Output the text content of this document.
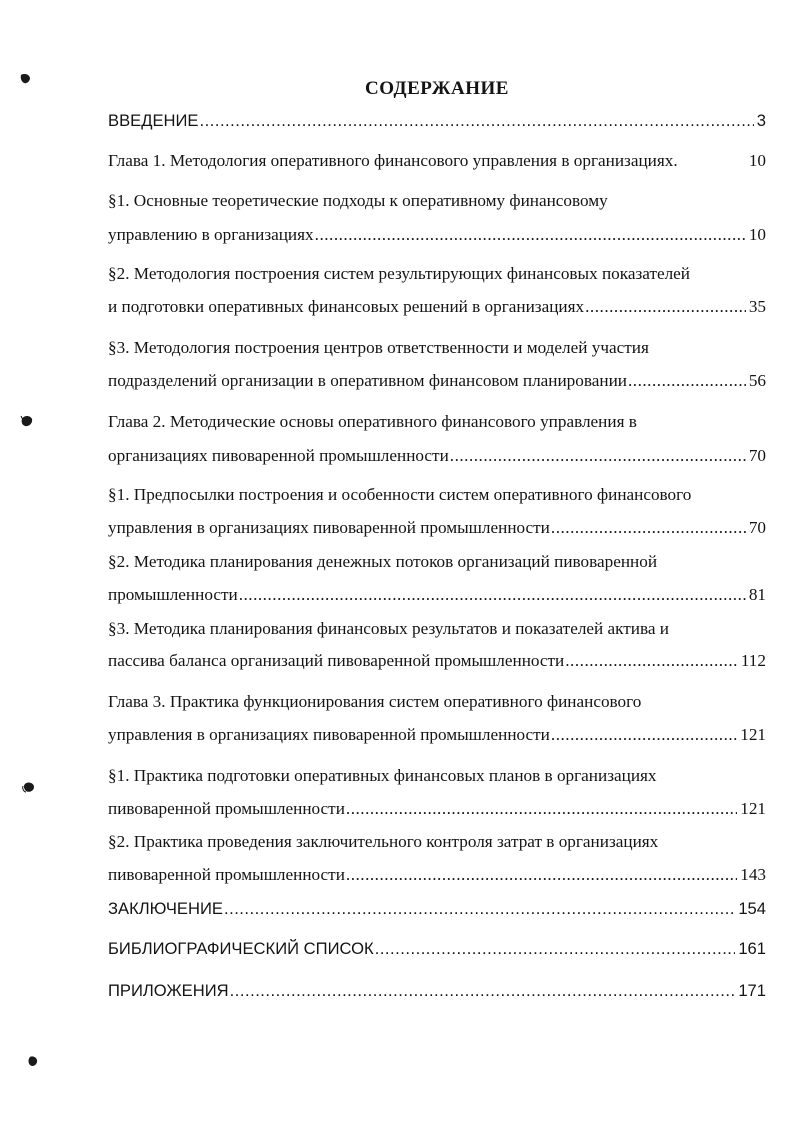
СОДЕРЖАНИЕ
ВВЕДЕНИЕ .....	3
Глава 1. Методология оперативного финансового управления в организациях.	10
§1. Основные теоретические подходы к оперативному финансовому
управлению в организациях .....	10
§2. Методология построения систем результирующих финансовых показателей
и подготовки оперативных финансовых решений в организациях .....	35
§3. Методология построения центров ответственности и моделей участия
подразделений организации в оперативном финансовом планировании .....	56
Глава 2. Методические основы оперативного финансового управления в
организациях пивоваренной промышленности .....	70
§1. Предпосылки построения и особенности систем оперативного финансового
управления в организациях пивоваренной промышленности .....	70
§2. Методика планирования денежных потоков организаций пивоваренной
промышленности .....	81
§3. Методика планирования финансовых результатов и показателей актива и
пассива баланса организаций пивоваренной промышленности .....	112
Глава 3. Практика функционирования систем оперативного финансового
управления в организациях пивоваренной промышленности .....	121
§1. Практика подготовки оперативных финансовых планов в организациях
пивоваренной промышленности .....	121
§2. Практика проведения заключительного контроля затрат в организациях
пивоваренной промышленности .....	143
ЗАКЛЮЧЕНИЕ .....	154
БИБЛИОГРАФИЧЕСКИЙ СПИСОК .....	161
ПРИЛОЖЕНИЯ .....	171
